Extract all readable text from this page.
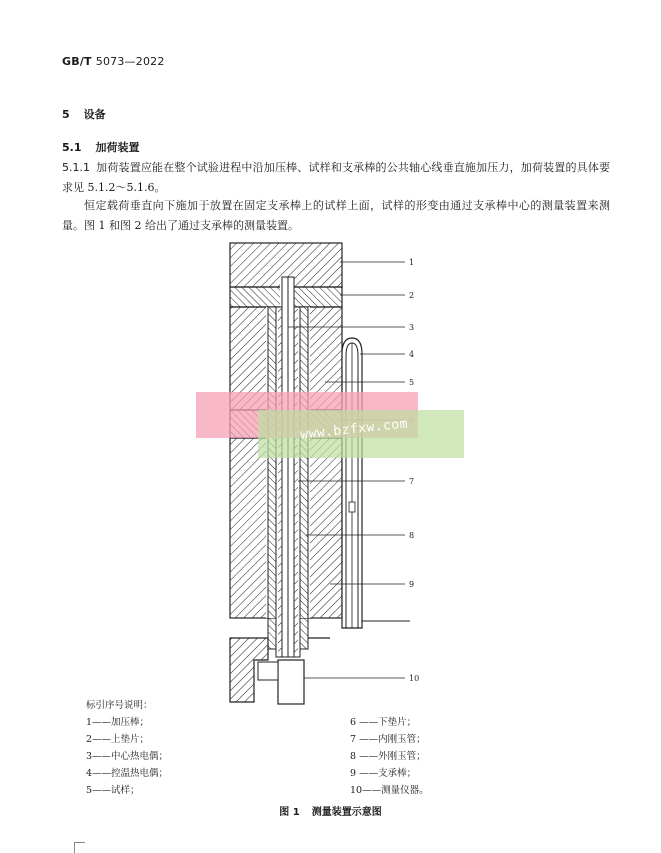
GB/T 5073—2022
5 设备
5.1 加荷装置
5.1.1 加荷装置应能在整个试验进程中沿加压棒、试样和支承棒的公共轴心线垂直施加压力，加荷装置的具体要求见 5.1.2～5.1.6。
恒定载荷垂直向下施加于放置在固定支承棒上的试样上面，试样的形变由通过支承棒中心的测量装置来测量。图 1 和图 2 给出了通过支承棒的测量装置。
1
2
3
4
5
7
8
9
10
www.bzfxw.com
标引序号说明：
1——加压棒；
2——上垫片；
3——中心热电偶；
4——控温热电偶；
5——试样；
6 ——下垫片；
7 ——内刚玉管；
8 ——外刚玉管；
9 ——支承棒；
10——测量仪器。
图 1 测量装置示意图
